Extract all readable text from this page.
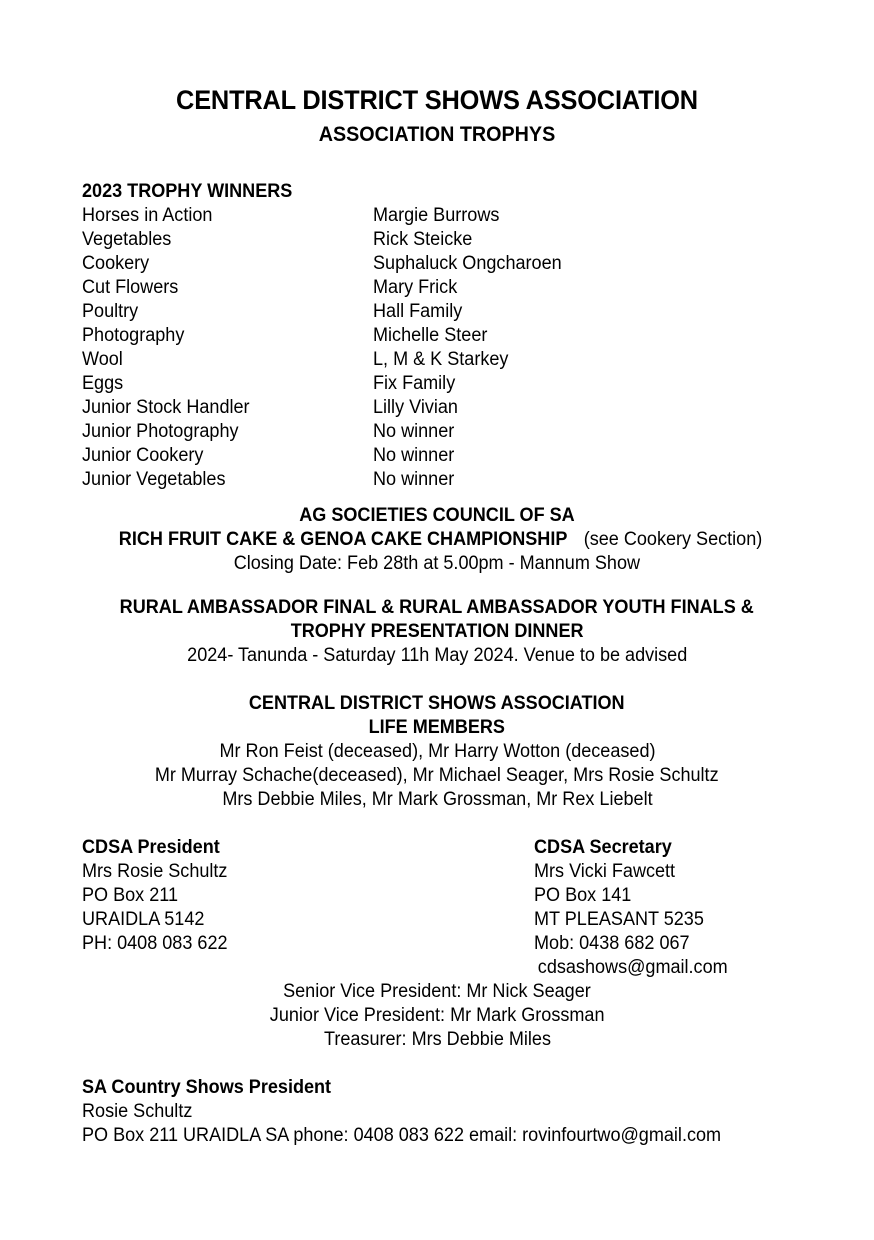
CENTRAL DISTRICT SHOWS ASSOCIATION
ASSOCIATION TROPHYS
2023 TROPHY WINNERS
Horses in Action	Margie Burrows
Vegetables	Rick Steicke
Cookery	Suphaluck Ongcharoen
Cut Flowers	Mary Frick
Poultry	Hall Family
Photography	Michelle Steer
Wool	L, M & K Starkey
Eggs	Fix Family
Junior Stock Handler	Lilly Vivian
Junior Photography	No winner
Junior Cookery	No winner
Junior Vegetables	No winner
AG SOCIETIES COUNCIL OF SA
RICH FRUIT CAKE & GENOA CAKE CHAMPIONSHIP(see Cookery Section)
Closing Date: Feb 28th at 5.00pm - Mannum Show
RURAL AMBASSADOR FINAL & RURAL AMBASSADOR YOUTH FINALS &
TROPHY PRESENTATION DINNER
2024- Tanunda - Saturday 11h May 2024. Venue to be advised
CENTRAL DISTRICT SHOWS ASSOCIATION
LIFE MEMBERS
Mr Ron Feist (deceased), Mr Harry Wotton (deceased)
Mr Murray Schache(deceased), Mr Michael Seager, Mrs Rosie Schultz
Mrs Debbie Miles, Mr Mark Grossman, Mr Rex Liebelt
CDSA President
Mrs Rosie Schultz
PO Box 211
URAIDLA 5142
PH: 0408 083 622
CDSA Secretary
Mrs Vicki Fawcett
PO Box 141
MT PLEASANT 5235
Mob: 0438 682 067
cdsashows@gmail.com
Senior Vice President: Mr Nick Seager
Junior Vice President: Mr Mark Grossman
Treasurer: Mrs Debbie Miles
SA Country Shows President
Rosie Schultz
PO Box 211 URAIDLA SA phone: 0408 083 622 email: rovinfourtwo@gmail.com
